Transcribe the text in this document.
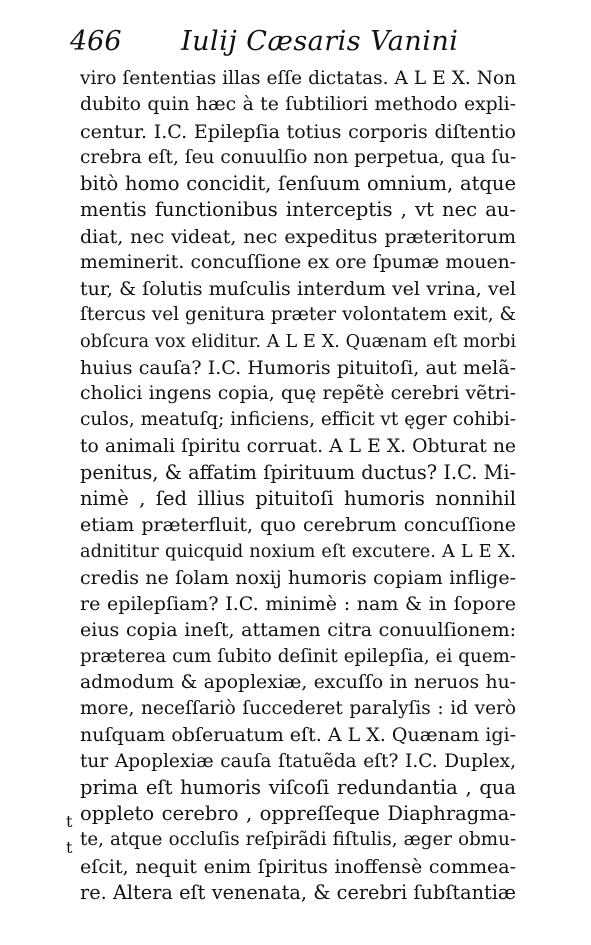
466 Iulij Cæsaris Vanini
viro ſententias illas eſſe dictatas. A L E X. Non
dubito quin hæc à te ſubtiliori methodo expli-
centur. I.C. Epilepſia totius corporis diſtentio
crebra eſt, ſeu conuulſio non perpetua, qua ſu-
bitò homo concidit, ſenſuum omnium, atque
mentis functionibus interceptis , vt nec au-
diat, nec videat, nec expeditus præteritorum
meminerit. concuſſione ex ore ſpumæ mouen-
tur, & ſolutis muſculis interdum vel vrina, vel
ſtercus vel genitura præter volontatem exit, &
obſcura vox eliditur. A L E X. Quænam eſt morbi
huius cauſa? I.C. Humoris pituitoſi, aut melã-
cholici ingens copia, quę repẽtè cerebri vẽtri-
culos, meatuſq; inficiens, efficit vt ęger cohibi-
to animali ſpiritu corruat. A L E X. Obturat ne
penitus, & affatim ſpirituum ductus? I.C. Mi-
nimè , ſed illius pituitoſi humoris nonnihil
etiam præterfluit, quo cerebrum concuſſione
adnititur quicquid noxium eſt excutere. A L E X.
credis ne ſolam noxij humoris copiam inflige-
re epilepſiam? I.C. minimè : nam & in ſopore
eius copia ineſt, attamen citra conuulſionem:
præterea cum ſubito deſinit epilepſia, ei quem-
admodum & apoplexiæ, excuſſo in neruos hu-
more, neceſſariò ſuccederet paralyſis : id verò
nuſquam obſeruatum eſt. A L X. Quænam igi-
tur Apoplexiæ cauſa ſtatuẽda eſt? I.C. Duplex,
prima eſt humoris viſcoſi redundantia , qua
oppleto cerebro , oppreſſeque Diaphragma-
te, atque occluſis reſpirãdi fiſtulis, æger obmu-
eſcit, nequit enim ſpiritus inoffensè commea-
re. Altera eſt venenata, & cerebri ſubſtantiæ
t
t
